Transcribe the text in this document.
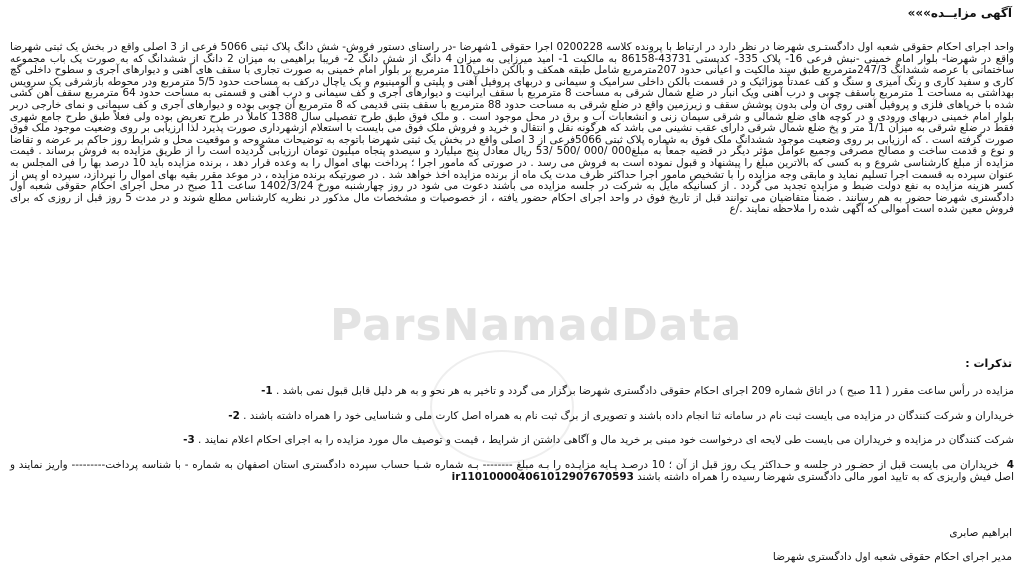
آگهی مزایــده»»»
واحد اجرای احکام حقوقی شعبه اول دادگستـری شهرضا در نظر دارد در ارتباط با پرونده کلاسه 0200228 اجرا حقوقی 1شهرضا -در راستای دستور فروش- شش دانگ پلاک ثبتی 5066 فرعی از 3 اصلی واقع در بخش یک ثبتی شهرضا واقع در شهرضا- بلوار امام خمینی -نبش فرعی 16- پلاک 335- کدپستی 43731-86158 به مالکیت 1- امید میرزایی به میزان 4 دانگ از شش دانگ 2- فریبا براهیمی به میزان 2 دانگ از ششدانگ که به صورت یک باب مجموعه ساختمانی با عرصه ششدانگ 247/3مترمربع طبق سند مالکیت و اعیانی حدود 207مترمربع شامل طبقه همکف و بالکن داخلی110 مترمربع بر بلوار امام خمینی به صورت تجاری با سقف های آهنی و دیوارهای آجری و سطوح داخلی گچ کاری و سفید کاری و رنگ آمیزی و سنگ و کف عمدتاً موزائیک و در قسمت بالکن داخلی سرامیک و سیمانی و دربهای پروفیل آهنی و پلیتی و آلومینیوم و یک یاچال درکف به مساحت حدود 5/5 مترمربع ودر محوطه بازشرقی یک سرویس بهداشتی به مساحت 1 مترمربع باسقف چوبی و درب آهنی ویک انبار در ضلع شمال شرقی به مساحت 8 مترمربع با سقف ایرانیت و دیوارهای آجری و کف سیمانی و درب آهنی و قسمتی به مساحت حدود 64 مترمربع سقف آهن کشی شده با خرپاهای فلزی و پروفیل آهنی روی آن ولی بدون پوشش سقف و زیرزمین واقع در ضلع شرقی به مساحت حدود 88 مترمربع با سقف بتنی قدیمی که 8 مترمربع آن چوبی بوده و دیوارهای آجری و کف سیمانی و نمای خارجی دربر بلوار امام خمینی دربهای ورودی و در کوچه های ضلع شمالی و شرقی سیمان زنی و انشعابات آب و برق در محل موجود است . و ملک فوق طبق طرح تفصیلی سال 1388 کاملاً در طرح تعریض بوده ولی فعلاً طبق طرح جامع شهری فقط در ضلع شرقی به میزان 1/1 متر و پخ ضلع شمال شرقی دارای عقب نشینی می باشد که هرگونه نقل و انتقال و خرید و فروش ملک فوق می بایست با استعلام ازشهرداری صورت پذیرد لذا ارزیابی بر روی وضعیت موجود ملک فوق صورت گرفته است . که ارزیابی بر روی وضعیت موجود ششدانگ ملک فوق به شماره پلاک ثبتی 5066فرعی از 3 اصلی واقع در بخش یک ثبتی شهرضا باتوجه به توضیحات مشروحه و موقعیت محل و شرایط روز حاکم بر عرضه و تقاضا و نوع و قدمت ساخت و مصالح مصرفی وجمیع عوامل مؤثر دیگر در قضیه جمعاً به مبلغ000 /000 /500 /53 ریال معادل پنج میلیارد و سیصدو پنجاه میلیون تومان ارزیابی گردیده است را از طریق مزایده به فروش برساند . قیمت مزایده از مبلغ کارشناسی شروع و به کسی که بالاترین مبلغ را پیشنهاد و قبول نموده است به فروش می رسد . در صورتی که مامور اجرا ؛ پرداخت بهای اموال را به وعده قرار دهد ، برنده مزایده باید 10 درصد بها را فی المجلس به عنوان سپرده به قسمت اجرا تسلیم نماید و مابقی وجه مزایده را با تشخیص مامور اجرا حداکثر ظرف مدت یک ماه از برنده مزایده اخذ خواهد شد . در صورتیکه برنده مزایده ، در موعد مقرر بقیه بهای اموال را نپردازد، سپرده او پس از کسر هزینه مزایده به نفع دولت ضبط و مزایده تجدید می گردد . از کسانیکه مایل به شرکت در جلسه مزایده می باشند دعوت می شود در روز چهارشنبه مورخ 1402/3/24 ساعت 11 صبح در محل اجرای احکام حقوقی شعبه اول دادگستری شهرضا حضور به هم رسانند . ضمناً متقاضیان می توانند قبل از تاریخ فوق در واحد اجرای احکام حضور یافته ، از خصوصیات و مشخصات مال مذکور در نظریه کارشناس مطلع شوند و در مدت 5 روز قبل از روزی که برای فروش معین شده است اموالی که آگهی شده را ملاحظه نمایند ./ع
ParsNamadData
تذکرات :
مزایده در رأس ساعت مقرر ( 11 صبح ) در اتاق شماره 209 اجرای احکام حقوقی دادگستری شهرضا برگزار می گردد و تاخیر به هر نحو و به هر دلیل قابل قبول نمی باشد . 1-
خریداران و شرکت کنندگان در مزایده می بایست ثبت نام در سامانه ثنا انجام داده باشند و تصویری از برگ ثبت نام به همراه اصل کارت ملی و شناسایی خود را همراه داشته باشند . 2-
شرکت کنندگان در مزایده و خریداران می بایست طی لایحه ای درخواست خود مبنی بر خرید مال و آگاهی داشتن از شرایط ، قیمت و توصیف مال مورد مزایده را به اجرای احکام اعلام نمایند . 3-
4 خریداران می بایست قبل از حضـور در جلسه و حـداکثر یـک روز قبل از آن ؛ 10 درصـد پـایه مزایـده را بـه مبلغ -------- بـه شماره شـبا حساب سپرده دادگستری استان اصفهان به شماره - با شناسه پرداخت--------- واریز نمایند و اصل فیش واریزی که به تایید امور مالی دادگستری شهرضا رسیده را همراه داشته باشند ir110100004061012907670593
ابراهیم صابری
مدیر اجرای احکام حقوقی شعبه اول دادگستری شهرضا
